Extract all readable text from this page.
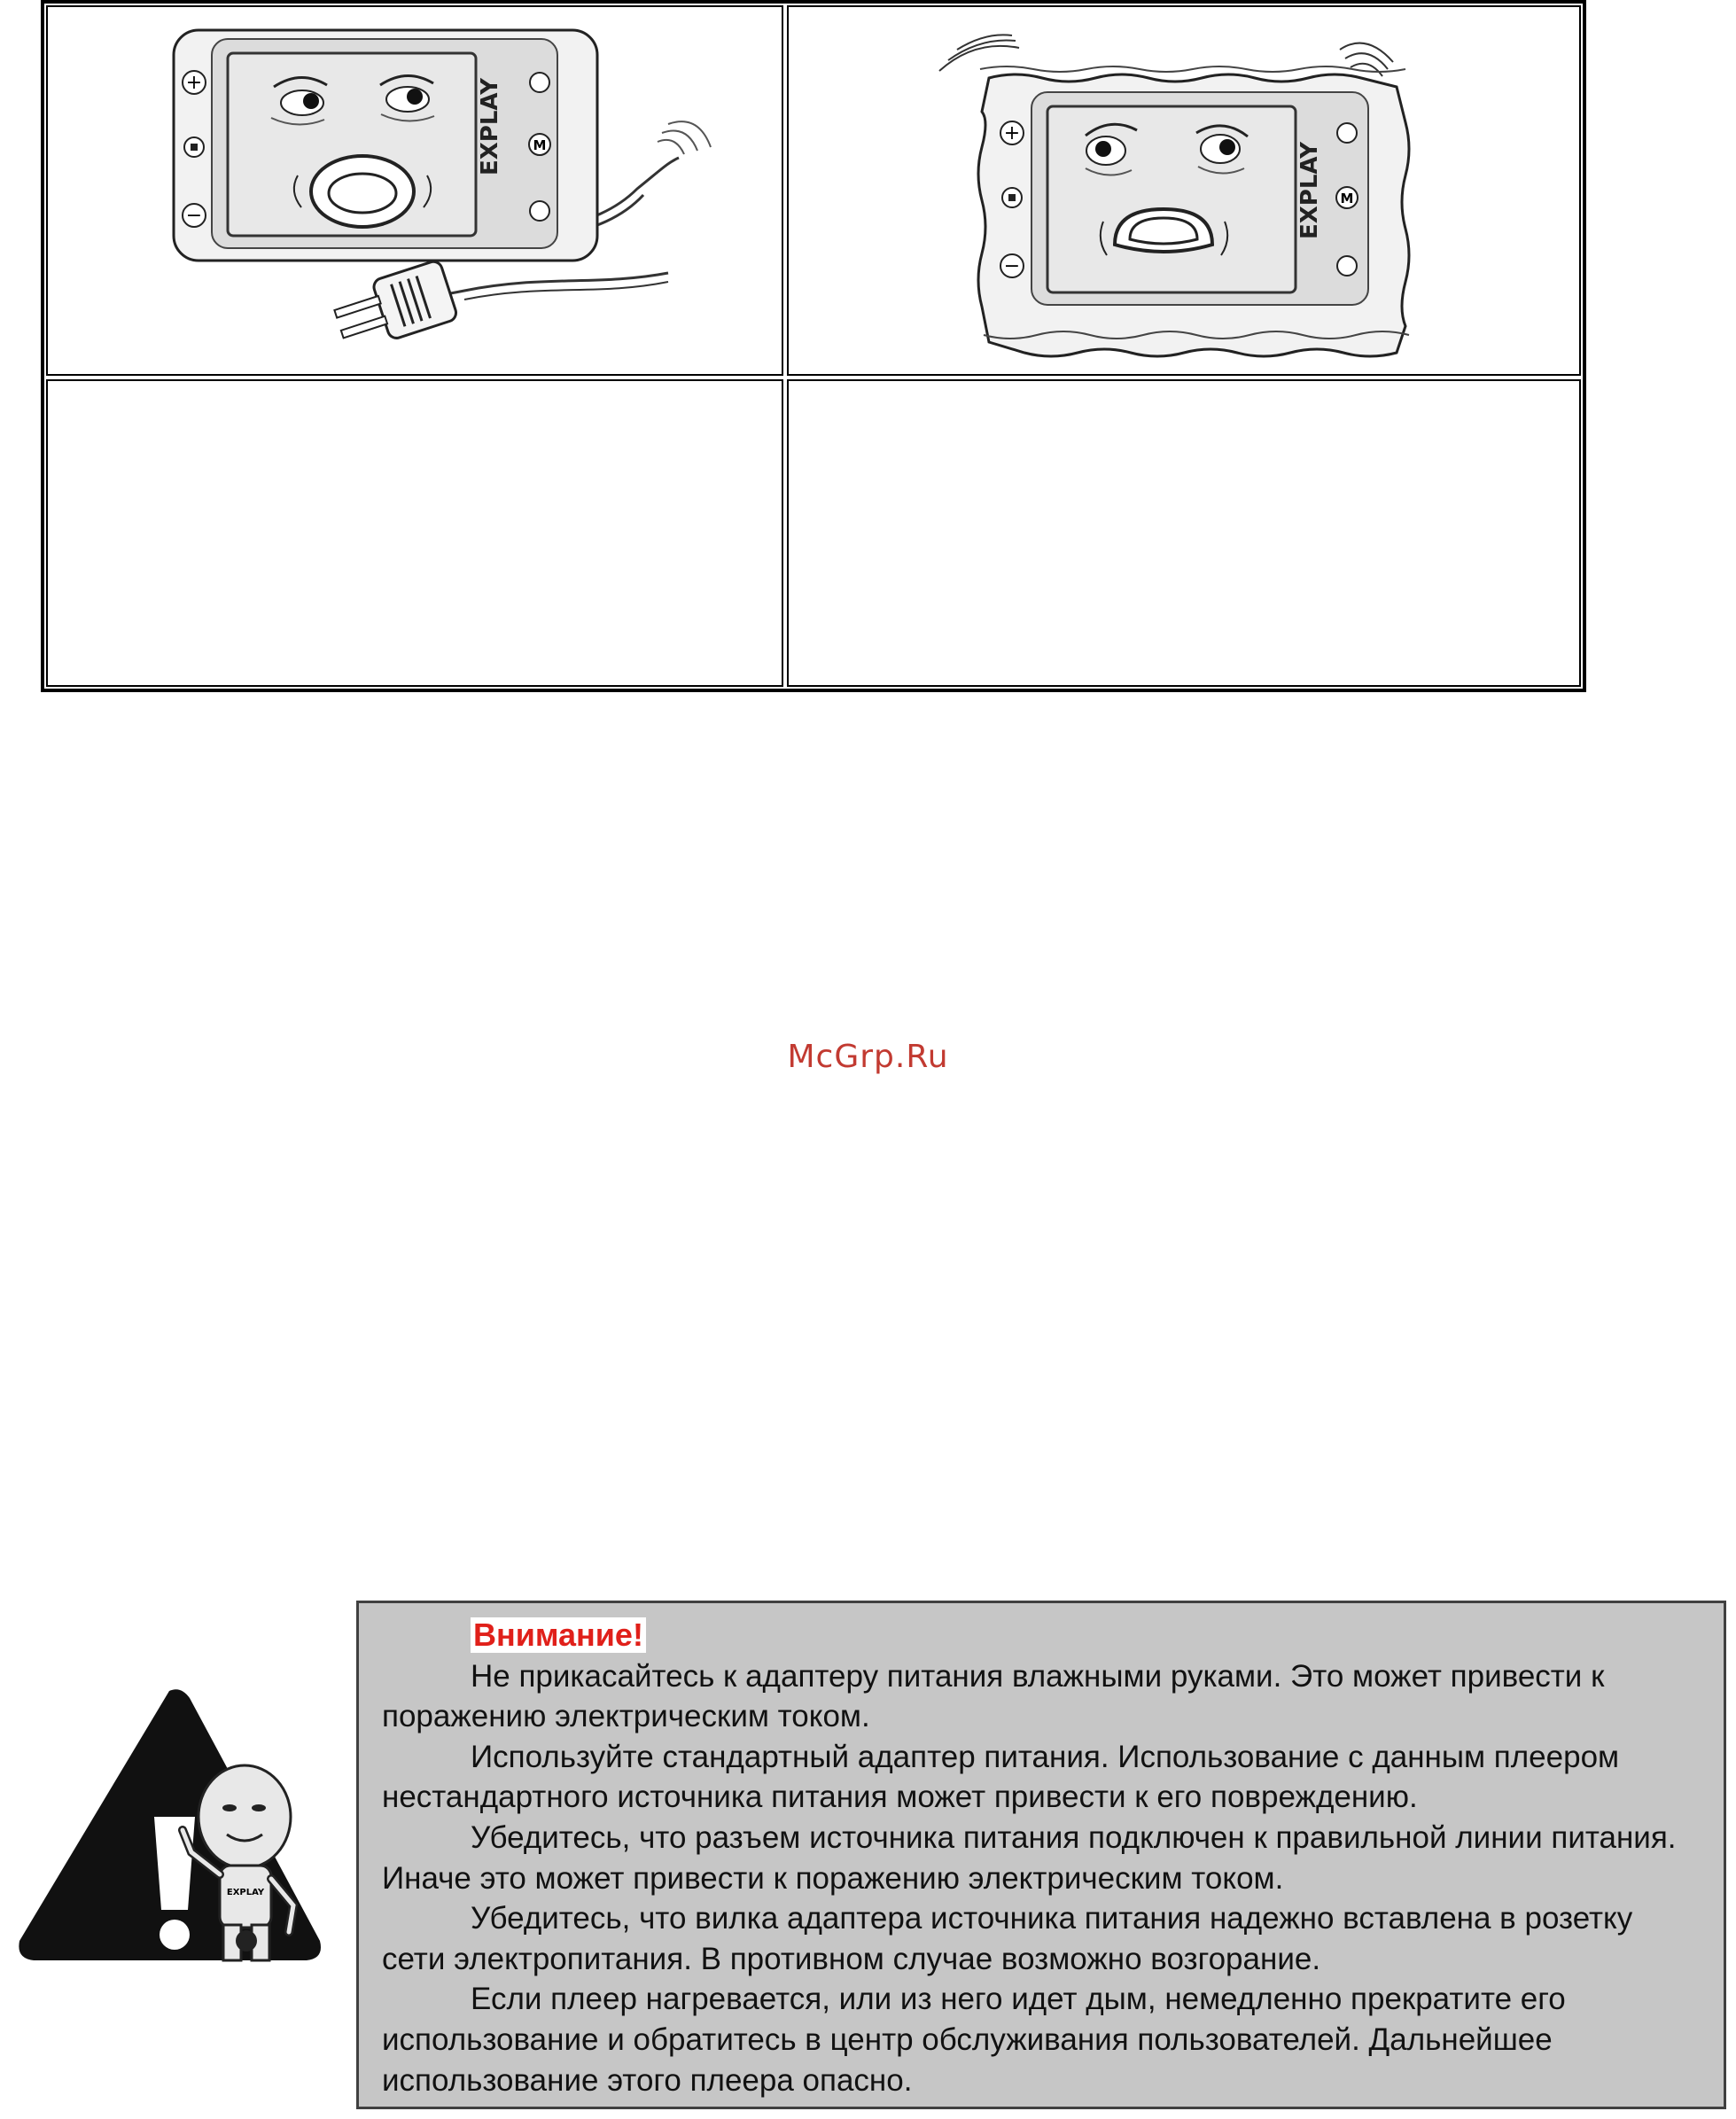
+
−
M
EXPLAY	+
−
M
EXPLAY
McGrp.Ru
EXPLAY
Внимание!

Не прикасайтесь к адаптеру питания влажными руками. Это может привести к поражению электрическим током.

Используйте стандартный адаптер питания. Использование с данным плеером нестандартного источника питания может привести к его повреждению.

Убедитесь, что разъем источника питания подключен к правильной линии питания. Иначе это может привести к поражению электрическим током.

Убедитесь, что вилка адаптера источника питания надежно вставлена в розетку сети электропитания. В противном случае возможно возгорание.

Если плеер нагревается, или из него идет дым, немедленно прекратите его использование и обратитесь в центр обслуживания пользователей. Дальнейшее использование этого плеера опасно.
